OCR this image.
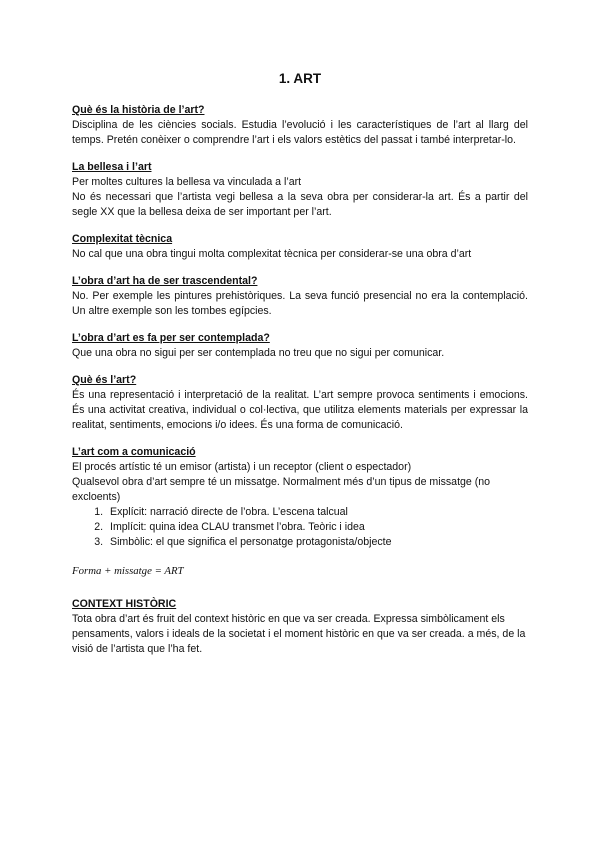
1. ART

Què és la història de l’art?

Disciplina de les ciències socials. Estudia l’evolució i les característiques de l’art al llarg del temps. Pretén conèixer o comprendre l’art i els valors estètics del passat i també interpretar-lo.

La bellesa i l’art

Per moltes cultures la bellesa va vinculada a l’art

No és necessari que l’artista vegi bellesa a la seva obra per considerar-la art. És a partir del segle XX que la bellesa deixa de ser important per l’art.

Complexitat tècnica

No cal que una obra tingui molta complexitat tècnica per considerar-se una obra d’art

L’obra d’art ha de ser trascendental?

No. Per exemple les pintures prehistòriques. La seva funció presencial no era la contemplació. Un altre exemple son les tombes egípcies.

L’obra d’art es fa per ser contemplada?

Que una obra no sigui per ser contemplada no treu que no sigui per comunicar.

Què és l’art?

És una representació i interpretació de la realitat. L’art sempre provoca sentiments i emocions. És una activitat creativa, individual o col·lectiva, que utilitza elements materials per expressar la realitat, sentiments, emocions i/o idees. És una forma de comunicació.

L’art com a comunicació

El procés artístic té un emisor (artista) i un receptor (client o espectador)

Qualsevol obra d’art sempre té un missatge. Normalment més d’un tipus de missatge (no excloents)

1. Explícit: narració directe de l’obra. L’escena talcual
2. Implícit: quina idea CLAU transmet l’obra. Teòric i idea
3. Simbòlic: el que significa el personatge protagonista/objecte

Forma + missatge = ART

CONTEXT HISTÒRIC

Tota obra d’art és fruit del context històric en que va ser creada. Expressa simbòlicament els pensaments, valors i ideals de la societat i el moment històric en que va ser creada. a més, de la visió de l’artista que l’ha fet.
